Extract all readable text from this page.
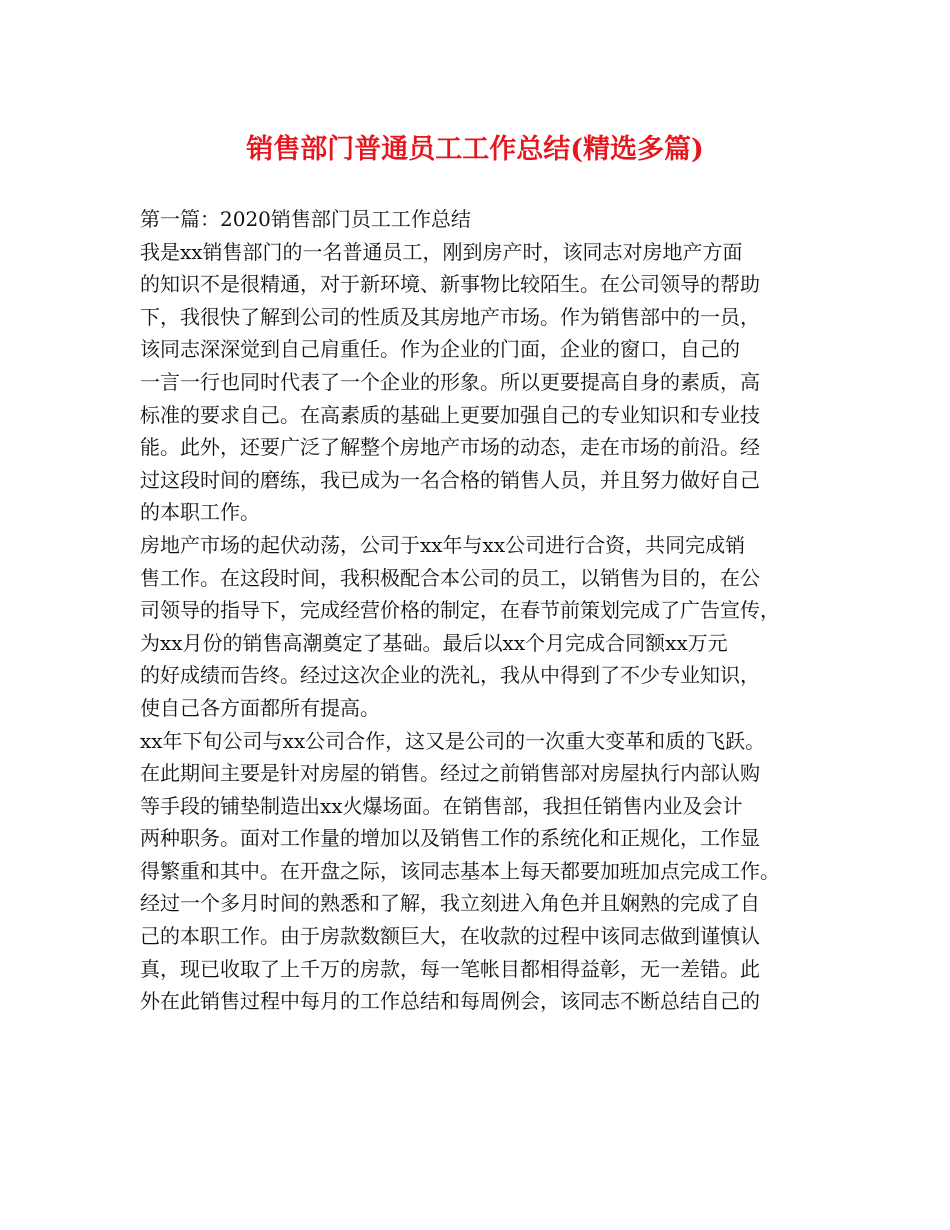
销售部门普通员工工作总结(精选多篇)
第一篇：2020销售部门员工工作总结

我是xx销售部门的一名普通员工，刚到房产时，该同志对房地产方面
的知识不是很精通，对于新环境、新事物比较陌生。在公司领导的帮助
下，我很快了解到公司的性质及其房地产市场。作为销售部中的一员，
该同志深深觉到自己肩重任。作为企业的门面，企业的窗口，自己的
一言一行也同时代表了一个企业的形象。所以更要提高自身的素质，高
标准的要求自己。在高素质的基础上更要加强自己的专业知识和专业技
能。此外，还要广泛了解整个房地产市场的动态，走在市场的前沿。经
过这段时间的磨练，我已成为一名合格的销售人员，并且努力做好自己
的本职工作。

房地产市场的起伏动荡，公司于xx年与xx公司进行合资，共同完成销
售工作。在这段时间，我积极配合本公司的员工，以销售为目的，在公
司领导的指导下，完成经营价格的制定，在春节前策划完成了广告宣传，
为xx月份的销售高潮奠定了基础。最后以xx个月完成合同额xx万元
的好成绩而告终。经过这次企业的洗礼，我从中得到了不少专业知识，
使自己各方面都所有提高。

xx年下旬公司与xx公司合作，这又是公司的一次重大变革和质的飞跃。
在此期间主要是针对房屋的销售。经过之前销售部对房屋执行内部认购
等手段的铺垫制造出xx火爆场面。在销售部，我担任销售内业及会计
两种职务。面对工作量的增加以及销售工作的系统化和正规化，工作显
得繁重和其中。在开盘之际，该同志基本上每天都要加班加点完成工作。
经过一个多月时间的熟悉和了解，我立刻进入角色并且娴熟的完成了自
己的本职工作。由于房款数额巨大，在收款的过程中该同志做到谨慎认
真，现已收取了上千万的房款，每一笔帐目都相得益彰，无一差错。此
外在此销售过程中每月的工作总结和每周例会，该同志不断总结自己的
